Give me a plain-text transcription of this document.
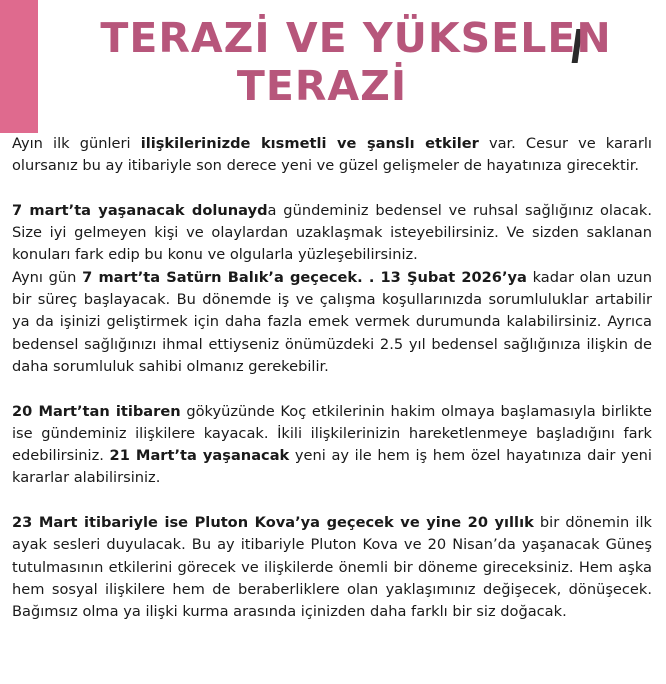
TERAZİ VE YÜKSELEN
TERAZİ

Ayın ilk günleri ilişkilerinizde kısmetli ve şanslı etkiler var. Cesur ve kararlı olursanız bu ay itibariyle son derece yeni ve güzel gelişmeler de hayatınıza girecektir.

7 mart’ta yaşanacak dolunayda gündeminiz bedensel ve ruhsal sağlığınız olacak. Size iyi gelmeyen kişi ve olaylardan uzaklaşmak isteyebilirsiniz. Ve sizden saklanan konuları fark edip bu konu ve olgularla yüzleşebilirsiniz.

Aynı gün 7 mart’ta Satürn Balık’a geçecek. . 13 Şubat 2026’ya kadar olan uzun bir süreç başlayacak. Bu dönemde iş ve çalışma koşullarınızda sorumluluklar artabilir ya da işinizi geliştirmek için daha fazla emek vermek durumunda kalabilirsiniz. Ayrıca bedensel sağlığınızı ihmal ettiyseniz önümüzdeki 2.5 yıl bedensel sağlığınıza ilişkin de daha sorumluluk sahibi olmanız gerekebilir.

20 Mart’tan itibaren gökyüzünde Koç etkilerinin hakim olmaya başlamasıyla birlikte ise gündeminiz ilişkilere kayacak. İkili ilişkilerinizin hareketlenmeye başladığını fark edebilirsiniz. 21 Mart’ta yaşanacak yeni ay ile hem iş hem özel hayatınıza dair yeni kararlar alabilirsiniz.

23 Mart itibariyle ise Pluton Kova’ya geçecek ve yine 20 yıllık bir dönemin ilk ayak sesleri duyulacak. Bu ay itibariyle Pluton Kova ve 20 Nisan’da yaşanacak Güneş tutulmasının etkilerini görecek ve ilişkilerde önemli bir döneme gireceksiniz. Hem aşka hem sosyal ilişkilere hem de beraberliklere olan yaklaşımınız değişecek, dönüşecek. Bağımsız olma ya ilişki kurma arasında içinizden daha farklı bir siz doğacak.
